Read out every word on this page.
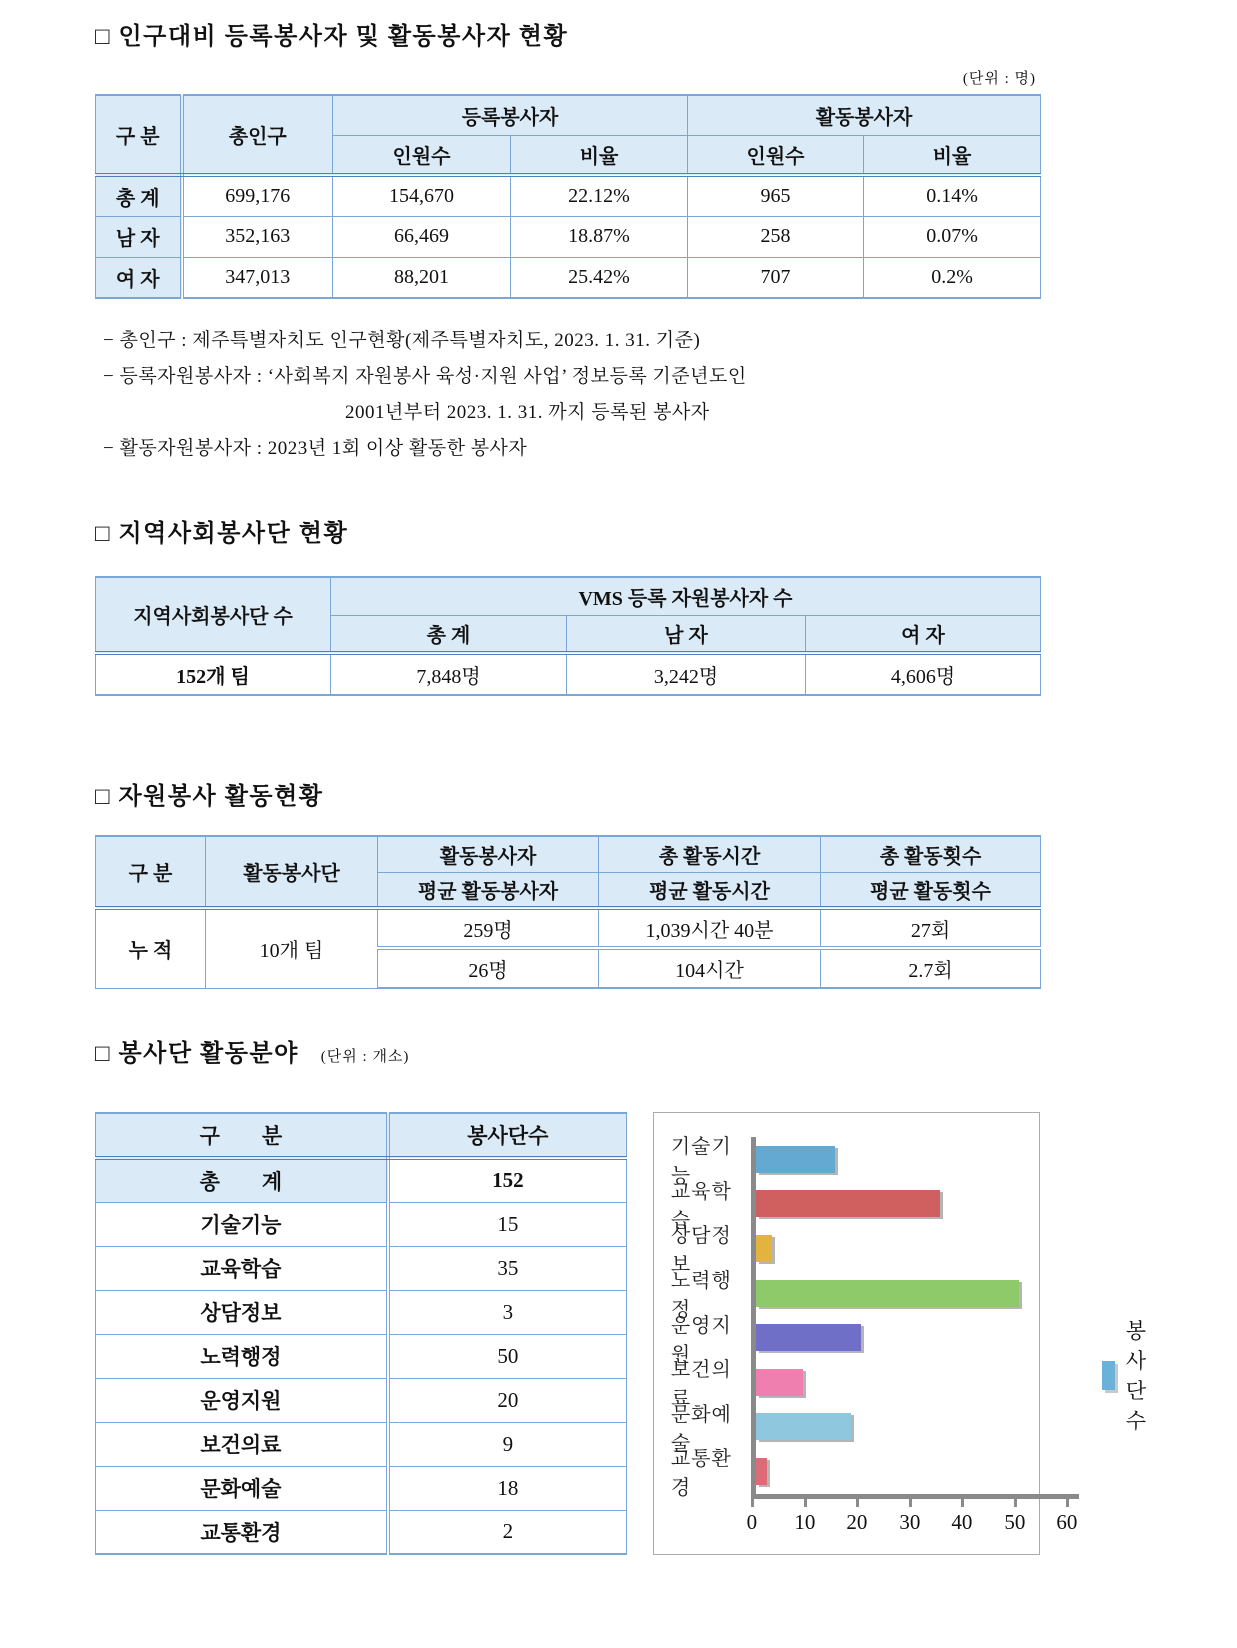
□ 인구대비 등록봉사자 및 활동봉사자 현황
(단위 : 명)
구 분	총인구	등록봉사자		활동봉사자	
		인원수	비율	인원수	비율
총 계	699,176	154,670	22.12%	965	0.14%
남 자	352,163	66,469	18.87%	258	0.07%
여 자	347,013	88,201	25.42%	707	0.2%
− 총인구 : 제주특별자치도 인구현황(제주특별자치도, 2023. 1. 31. 기준)
− 등록자원봉사자 : ‘사회복지 자원봉사 육성·지원 사업’ 정보등록 기준년도인
2001년부터 2023. 1. 31. 까지 등록된 봉사자
− 활동자원봉사자 : 2023년 1회 이상 활동한 봉사자
□ 지역사회봉사단 현황
지역사회봉사단 수	VMS 등록 자원봉사자 수		
	총 계	남 자	여 자
152개 팀	7,848명	3,242명	4,606명
□ 자원봉사 활동현황
구 분	활동봉사단	활동봉사자	총 활동시간	총 활동횟수
		평균 활동봉사자	평균 활동시간	평균 활동횟수
누 적	10개 팀	259명	1,039시간 40분	27회
		26명	104시간	2.7회
□ 봉사단 활동분야 (단위 : 개소)
구　　분	봉사단수
총　　계	152
기술기능	15
교육학습	35
상담정보	3
노력행정	50
운영지원	20
보건의료	9
문화예술	18
교통환경	2
기술기능
교육학습
상담정보
노력행정
운영지원
보건의료
문화예술
교통환경
0 10 20 30 40 50 60
봉사단수
